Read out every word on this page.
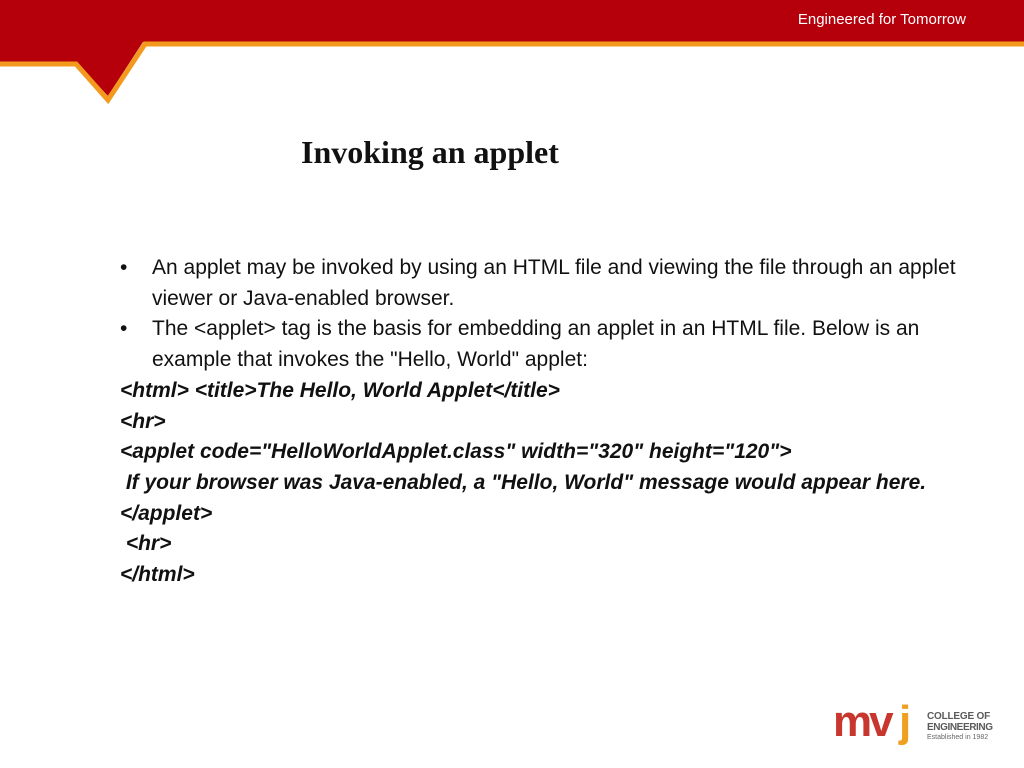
Engineered for Tomorrow
Invoking an applet
• An applet may be invoked by using an HTML file and viewing the file through an applet viewer or Java-enabled browser.
• The <applet> tag is the basis for embedding an applet in an HTML file. Below is an example that invokes the "Hello, World" applet:
<html> <title>The Hello, World Applet</title>
<hr>
<applet code="HelloWorldApplet.class" width="320" height="120">
If your browser was Java-enabled, a "Hello, World" message would appear here.
</applet>
<hr>
</html>
mv j COLLEGE OF
ENGINEERING
Established in 1982
